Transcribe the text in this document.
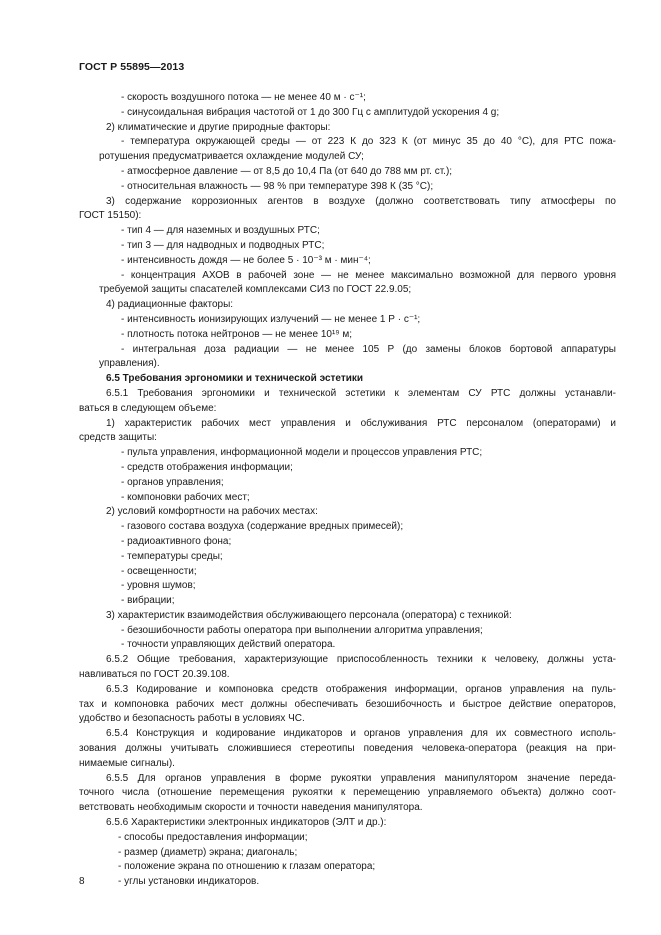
ГОСТ Р 55895—2013

- скорость воздушного потока — не менее 40 м · с⁻¹;

- синусоидальная вибрация частотой от 1 до 300 Гц с амплитудой ускорения 4 g;

2) климатические и другие природные факторы:

- температура окружающей среды — от 223 К до 323 К (от минус 35 до 40 °С), для РТС пожа-

ротушения предусматривается охлаждение модулей СУ;

- атмосферное давление — от 8,5 до 10,4 Па (от 640 до 788 мм рт. ст.);

- относительная влажность — 98 % при температуре 398 К (35 °С);

3) содержание коррозионных агентов в воздухе (должно соответствовать типу атмосферы по

ГОСТ 15150):

- тип 4 — для наземных и воздушных РТС;

- тип 3 — для надводных и подводных РТС;

- интенсивность дождя — не более 5 · 10⁻³ м · мин⁻⁴;

- концентрация АХОВ в рабочей зоне — не менее максимально возможной для первого уровня

требуемой защиты спасателей комплексами СИЗ по ГОСТ 22.9.05;

4) радиационные факторы:

- интенсивность ионизирующих излучений — не менее 1 Р · с⁻¹;

- плотность потока нейтронов — не менее 10¹⁹ м;

- интегральная доза радиации — не менее 105 Р (до замены блоков бортовой аппаратуры

управления).

6.5 Требования эргономики и технической эстетики

6.5.1 Требования эргономики и технической эстетики к элементам СУ РТС должны устанавли-

ваться в следующем объеме:

1) характеристик рабочих мест управления и обслуживания РТС персоналом (операторами) и

средств защиты:

- пульта управления, информационной модели и процессов управления РТС;

- средств отображения информации;

- органов управления;

- компоновки рабочих мест;

2) условий комфортности на рабочих местах:

- газового состава воздуха (содержание вредных примесей);

- радиоактивного фона;

- температуры среды;

- освещенности;

- уровня шумов;

- вибрации;

3) характеристик взаимодействия обслуживающего персонала (оператора) с техникой:

- безошибочности работы оператора при выполнении алгоритма управления;

- точности управляющих действий оператора.

6.5.2 Общие требования, характеризующие приспособленность техники к человеку, должны уста-

навливаться по ГОСТ 20.39.108.

6.5.3 Кодирование и компоновка средств отображения информации, органов управления на пуль-

тах и компоновка рабочих мест должны обеспечивать безошибочность и быстрое действие операторов,

удобство и безопасность работы в условиях ЧС.

6.5.4 Конструкция и кодирование индикаторов и органов управления для их совместного исполь-

зования должны учитывать сложившиеся стереотипы поведения человека-оператора (реакция на при-

нимаемые сигналы).

6.5.5 Для органов управления в форме рукоятки управления манипулятором значение переда-

точного числа (отношение перемещения рукоятки к перемещению управляемого объекта) должно соот-

ветствовать необходимым скорости и точности наведения манипулятора.

6.5.6 Характеристики электронных индикаторов (ЭЛТ и др.):

- способы предоставления информации;

- размер (диаметр) экрана; диагональ;

- положение экрана по отношению к глазам оператора;

- углы установки индикаторов.

8
